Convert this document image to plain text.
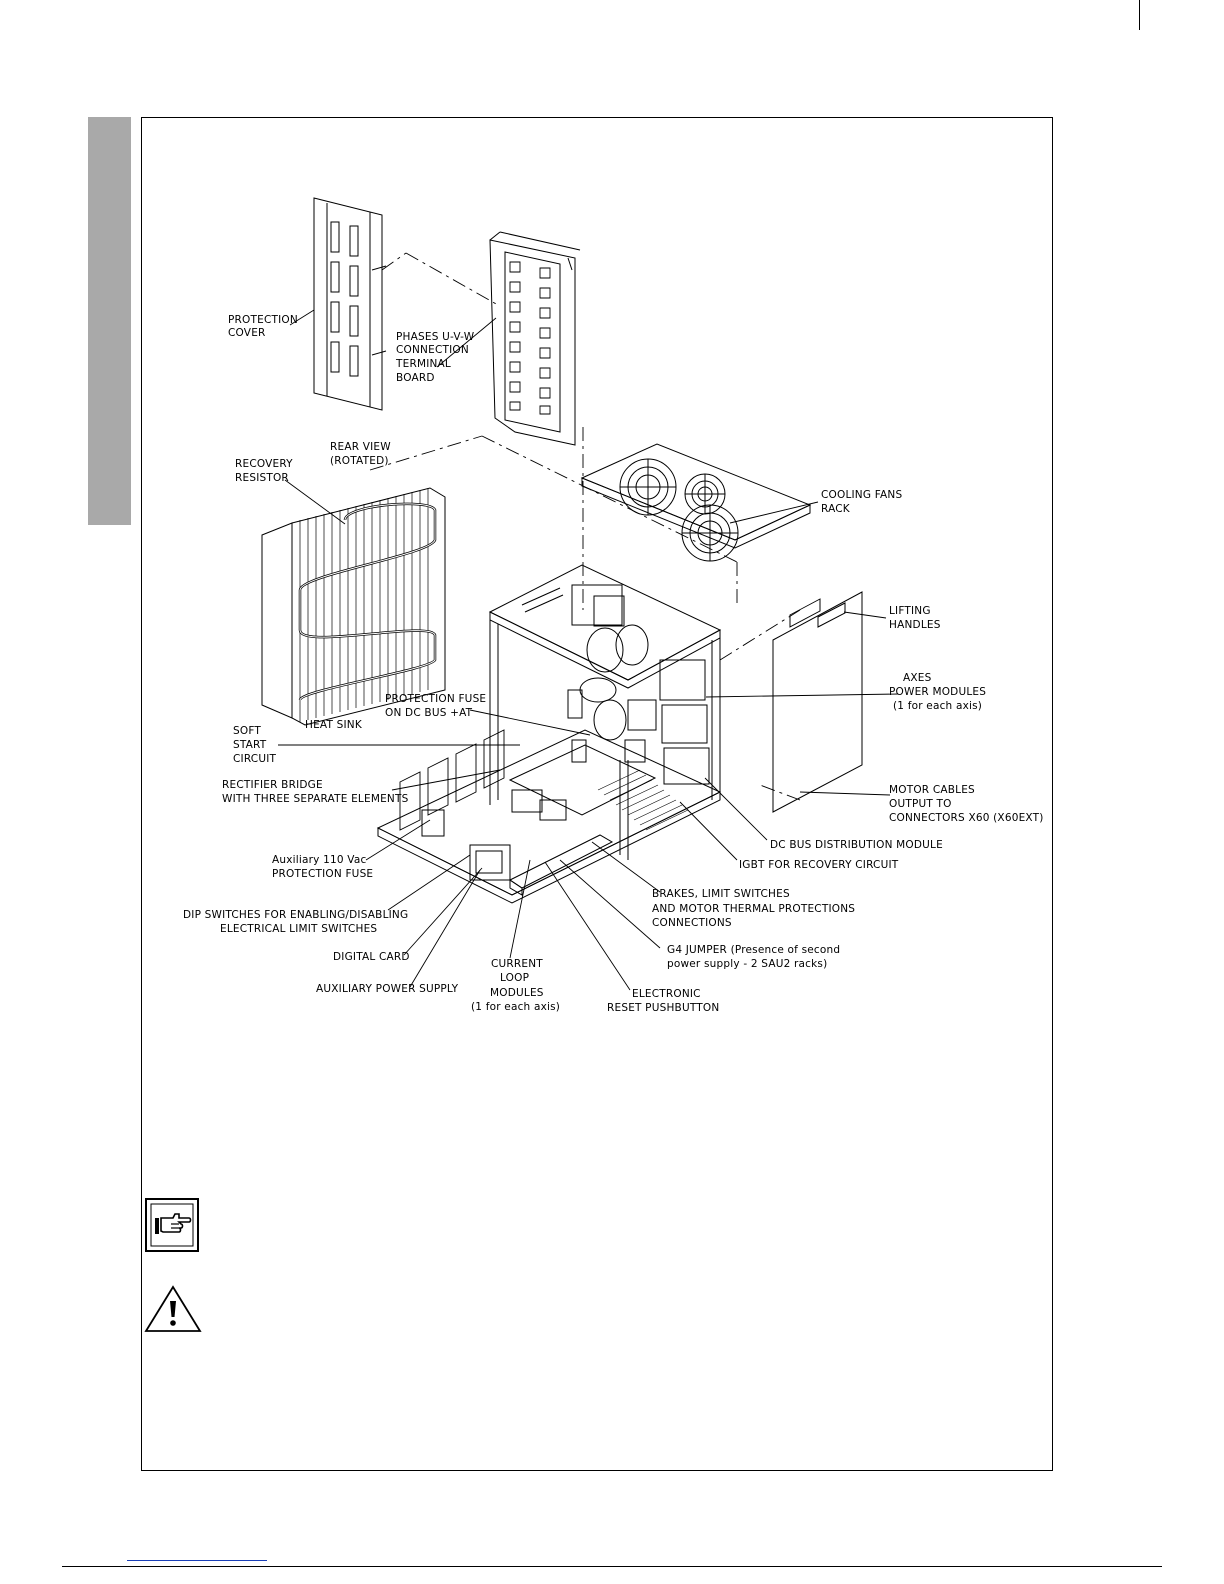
PROTECTION COVER	PHASES U-V-W CONNECTION TERMINAL BOARD
REAR VIEW (ROTATED)
RECOVERY RESISTOR
COOLING FANS RACK
LIFTING HANDLES
AXES POWER MODULES (1 for each axis)
PROTECTION FUSE ON DC BUS +AT
HEAT SINK
SOFT START CIRCUIT
RECTIFIER BRIDGE WITH THREE SEPARATE ELEMENTS
MOTOR CABLES OUTPUT TO CONNECTORS X60 (X60EXT)
DC BUS DISTRIBUTION MODULE
IGBT FOR RECOVERY CIRCUIT
Auxiliary 110 Vac PROTECTION FUSE
BRAKES, LIMIT SWITCHES AND MOTOR THERMAL PROTECTIONS CONNECTIONS
DIP SWITCHES FOR ENABLING/DISABLING ELECTRICAL LIMIT SWITCHES
G4 JUMPER (Presence of second power supply - 2 SAU2 racks)
DIGITAL CARD
CURRENT LOOP MODULES (1 for each axis)
AUXILIARY POWER SUPPLY	ELECTRONIC RESET PUSHBUTTON
